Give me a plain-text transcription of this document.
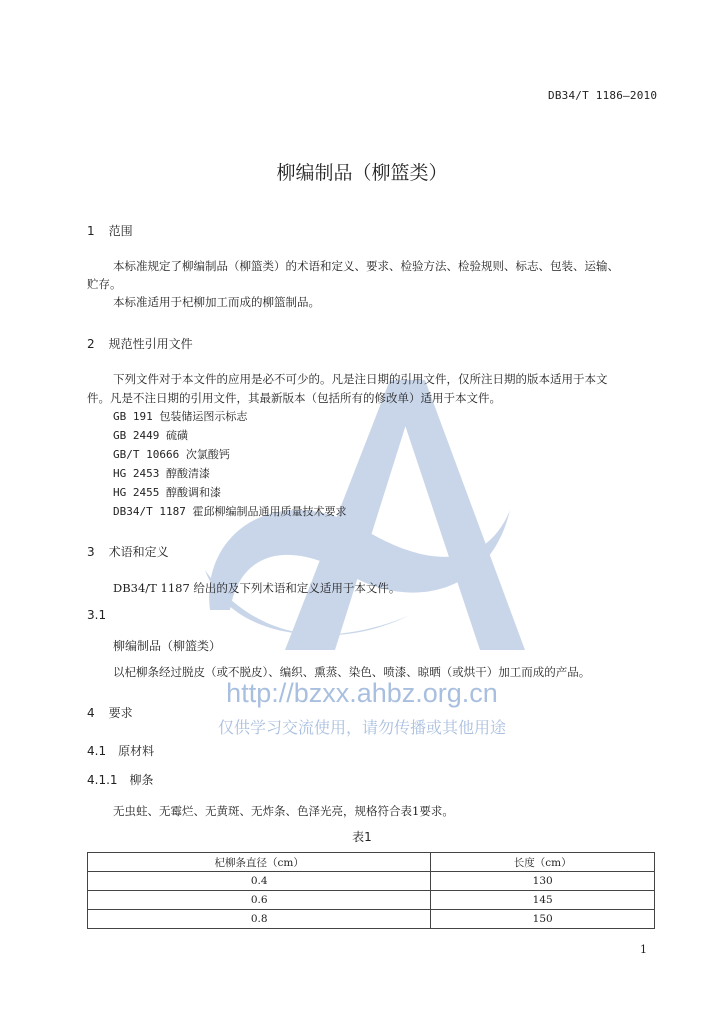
DB34/T 1186—2010
柳编制品（柳篮类）
1 范围
本标准规定了柳编制品（柳篮类）的术语和定义、要求、检验方法、检验规则、标志、包装、运输、
贮存。
本标准适用于杞柳加工而成的柳篮制品。
2 规范性引用文件
下列文件对于本文件的应用是必不可少的。凡是注日期的引用文件，仅所注日期的版本适用于本文
件。凡是不注日期的引用文件，其最新版本（包括所有的修改单）适用于本文件。
GB 191 包装储运图示标志
GB 2449 硫磺
GB/T 10666 次氯酸钙
HG 2453 醇酸清漆
HG 2455 醇酸调和漆
DB34/T 1187 霍邱柳编制品通用质量技术要求
3 术语和定义
DB34/T 1187 给出的及下列术语和定义适用于本文件。
3.1
柳编制品（柳篮类）
以杞柳条经过脱皮（或不脱皮）、编织、熏蒸、染色、喷漆、晾晒（或烘干）加工而成的产品。
http://bzxx.ahbz.org.cn
仅供学习交流使用，请勿传播或其他用途
4 要求
4.1 原材料
4.1.1 柳条
无虫蛀、无霉烂、无黄斑、无炸条、色泽光亮，规格符合表1要求。
表1
杞柳条直径（cm）	长度（cm）
0.4	130
0.6	145
0.8	150
1
